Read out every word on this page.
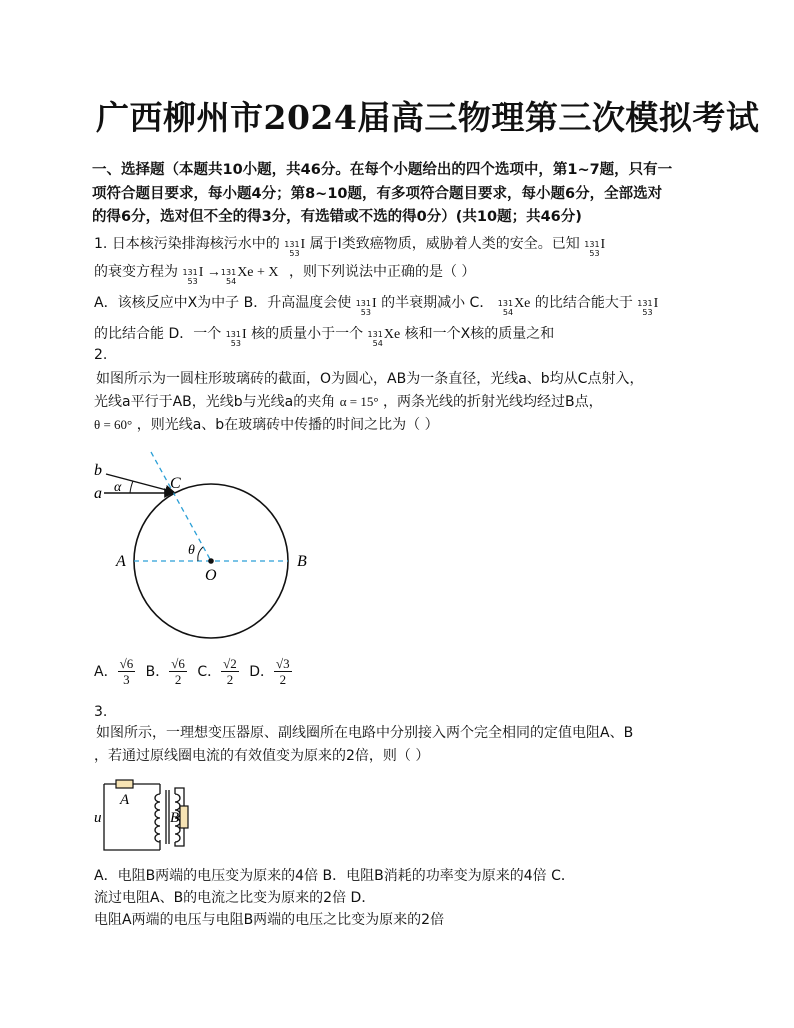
广西柳州市2024届高三物理第三次模拟考试
一、选择题（本题共10小题，共46分。在每个小题给出的四个选项中，第1~7题，只有一
项符合题目要求，每小题4分；第8~10题，有多项符合题目要求，每小题6分，全部选对
的得6分，选对但不全的得3分，有选错或不选的得0分）(共10题；共46分)
1. 日本核污染排海核污水中的 131
53
I 属于I类致癌物质，威胁着人类的安全。已知 131
53
I
的衰变方程为 131
53
I → 131
54
Xe + X ，则下列说法中正确的是（ ）
A．该核反应中X为中子 B．升高温度会使 131
53
I 的半衰期减小 C． 131
54
Xe 的比结合能大于 131
53
I
的比结合能 D．一个 131
53
I 核的质量小于一个 131
54
Xe 核和一个X核的质量之和
2.
如图所示为一圆柱形玻璃砖的截面，O为圆心，AB为一条直径，光线a、b均从C点射入，
光线a平行于AB，光线b与光线a的夹角 α = 15° ，两条光线的折射光线均经过B点，
θ = 60° ，则光线a、b在玻璃砖中传播的时间之比为（ ）
b
a α	C
A	B
O
θ
A． $\frac{√6}{3}$ B． $\frac{√6}{2}$ C． $\frac{√2}{2}$ D． $\frac{√3}{2}$
3.
如图所示，一理想变压器原、副线圈所在电路中分别接入两个完全相同的定值电阻A、B
，若通过原线圈电流的有效值变为原来的2倍，则（ ）
A
B
u
A．电阻B两端的电压变为原来的4倍 B．电阻B消耗的功率变为原来的4倍 C．
流过电阻A、B的电流之比变为原来的2倍 D．
电阻A两端的电压与电阻B两端的电压之比变为原来的2倍
